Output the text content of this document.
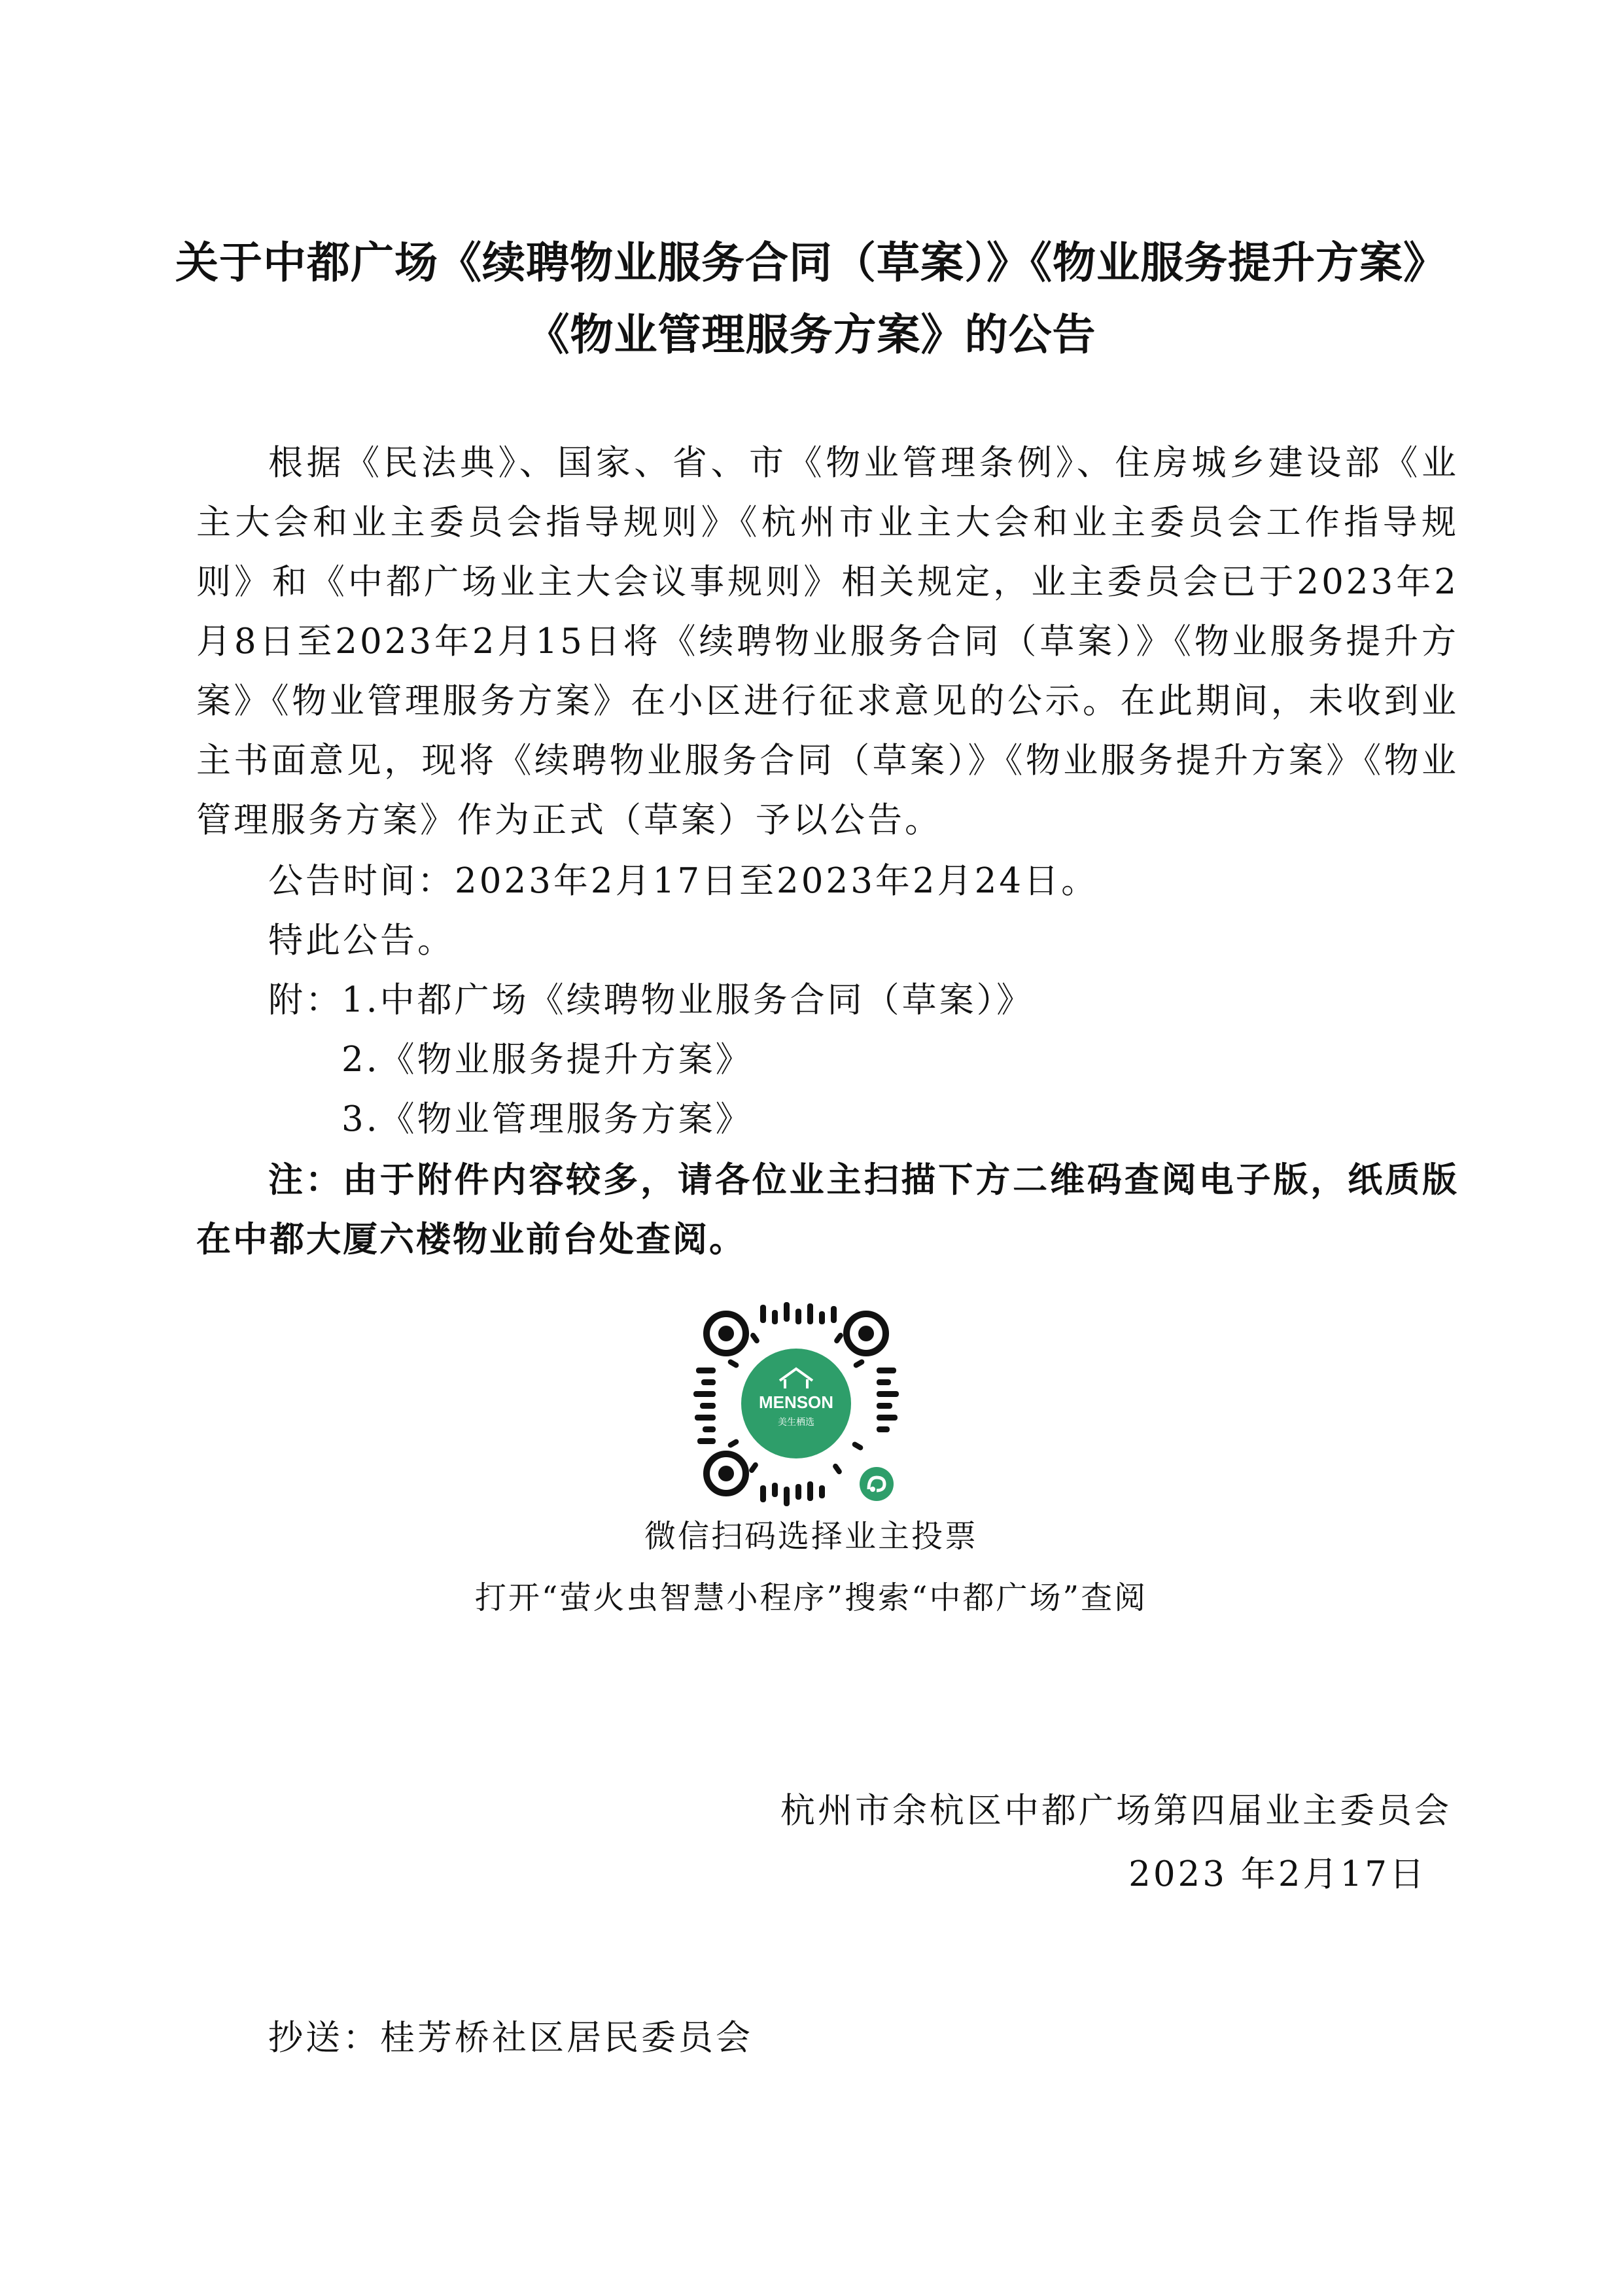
关于中都广场《续聘物业服务合同（草案）》《物业服务提升方案》
《物业管理服务方案》的公告
根据《民法典》、国家、省、市《物业管理条例》、住房城乡建设部《业主大会和业主委员会指导规则》《杭州市业主大会和业主委员会工作指导规则》和《中都广场业主大会议事规则》相关规定，业主委员会已于2023年2月8日至2023年2月15日将《续聘物业服务合同（草案）》《物业服务提升方案》《物业管理服务方案》在小区进行征求意见的公示。在此期间，未收到业主书面意见，现将《续聘物业服务合同（草案）》《物业服务提升方案》《物业管理服务方案》作为正式（草案）予以公告。
公告时间：2023年2月17日至2023年2月24日。
特此公告。
附：
1.中都广场《续聘物业服务合同（草案）》
2.《物业服务提升方案》
3.《物业管理服务方案》
注：由于附件内容较多，请各位业主扫描下方二维码查阅电子版，纸质版在中都大厦六楼物业前台处查阅。
MENSON
美生栖选
微信扫码选择业主投票
打开“萤火虫智慧小程序”搜索“中都广场”查阅
杭州市余杭区中都广场第四届业主委员会
2023 年2月17日
抄送：桂芳桥社区居民委员会
